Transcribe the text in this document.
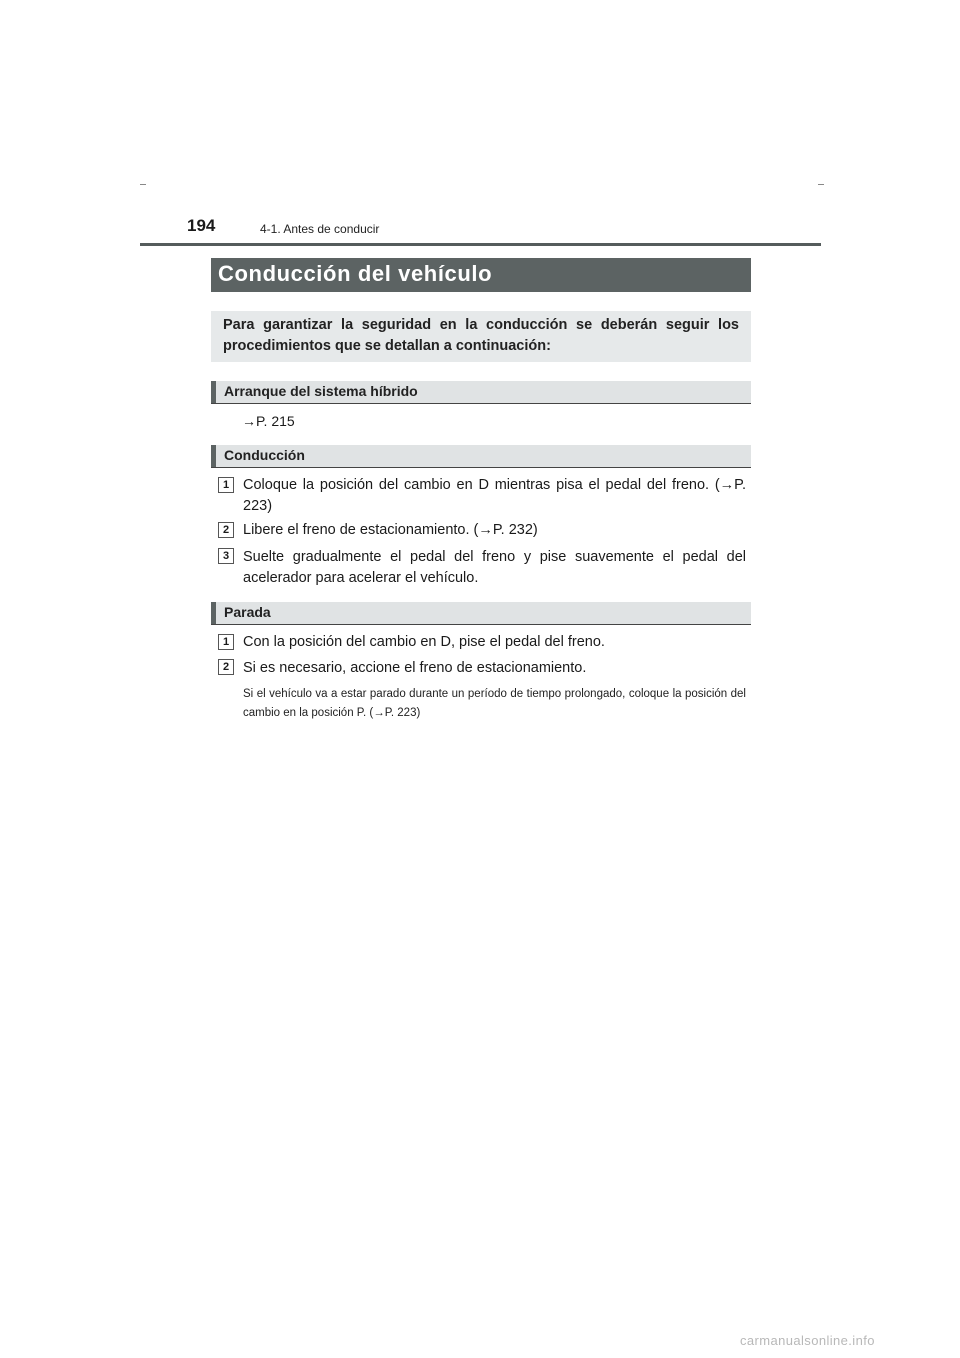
194	4-1. Antes de conducir
Conducción del vehículo

Para garantizar la seguridad en la conducción se deberán seguir los procedimientos que se detallan a continuación:

Arranque del sistema híbrido
→P. 215
Conducción
1 Coloque la posición del cambio en D mientras pisa el pedal del freno. (→P. 223)

2 Libere el freno de estacionamiento. (→P. 232)

3 Suelte gradualmente el pedal del freno y pise suavemente el pedal del acelerador para acelerar el vehículo.

Parada
1 Con la posición del cambio en D, pise el pedal del freno.

2 Si es necesario, accione el freno de estacionamiento.

Si el vehículo va a estar parado durante un período de tiempo prolongado, coloque la posición del cambio en la posición P. (→P. 223)

carmanualsonline.info
